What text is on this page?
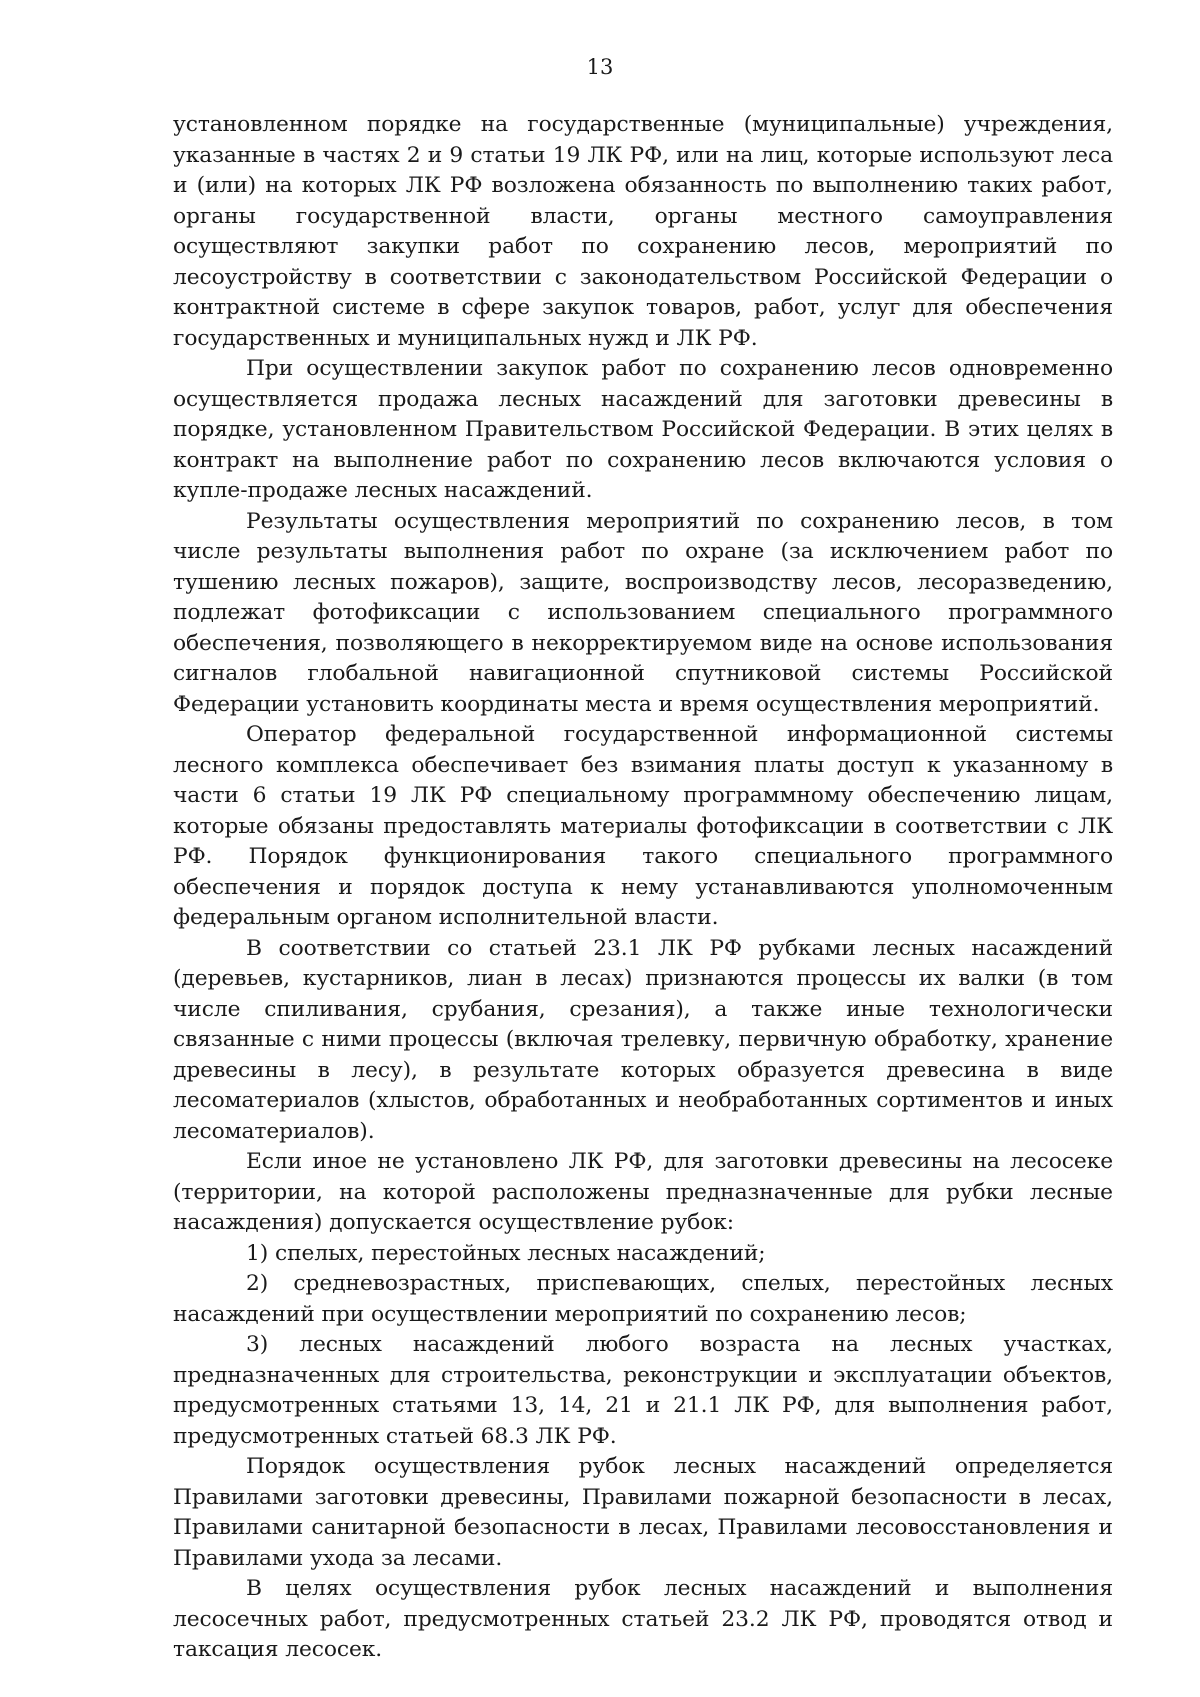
13

установленном порядке на государственные (муниципальные) учреждения, указанные в частях 2 и 9 статьи 19 ЛК РФ, или на лиц, которые используют леса и (или) на которых ЛК РФ возложена обязанность по выполнению таких работ, органы государственной власти, органы местного самоуправления осуществляют закупки работ по сохранению лесов, мероприятий по лесоустройству в соответствии с законодательством Российской Федерации о контрактной системе в сфере закупок товаров, работ, услуг для обеспечения государственных и муниципальных нужд и ЛК РФ.

При осуществлении закупок работ по сохранению лесов одновременно осуществляется продажа лесных насаждений для заготовки древесины в порядке, установленном Правительством Российской Федерации. В этих целях в контракт на выполнение работ по сохранению лесов включаются условия о купле-продаже лесных насаждений.

Результаты осуществления мероприятий по сохранению лесов, в том числе результаты выполнения работ по охране (за исключением работ по тушению лесных пожаров), защите, воспроизводству лесов, лесоразведению, подлежат фотофиксации с использованием специального программного обеспечения, позволяющего в некорректируемом виде на основе использования сигналов глобальной навигационной спутниковой системы Российской Федерации установить координаты места и время осуществления мероприятий.

Оператор федеральной государственной информационной системы лесного комплекса обеспечивает без взимания платы доступ к указанному в части 6 статьи 19 ЛК РФ специальному программному обеспечению лицам, которые обязаны предоставлять материалы фотофиксации в соответствии с ЛК РФ. Порядок функционирования такого специального программного обеспечения и порядок доступа к нему устанавливаются уполномоченным федеральным органом исполнительной власти.

В соответствии со статьей 23.1 ЛК РФ рубками лесных насаждений (деревьев, кустарников, лиан в лесах) признаются процессы их валки (в том числе спиливания, срубания, срезания), а также иные технологически связанные с ними процессы (включая трелевку, первичную обработку, хранение древесины в лесу), в результате которых образуется древесина в виде лесоматериалов (хлыстов, обработанных и необработанных сортиментов и иных лесоматериалов).

Если иное не установлено ЛК РФ, для заготовки древесины на лесосеке (территории, на которой расположены предназначенные для рубки лесные насаждения) допускается осуществление рубок:

1) спелых, перестойных лесных насаждений;

2) средневозрастных, приспевающих, спелых, перестойных лесных насаждений при осуществлении мероприятий по сохранению лесов;

3) лесных насаждений любого возраста на лесных участках, предназначенных для строительства, реконструкции и эксплуатации объектов, предусмотренных статьями 13, 14, 21 и 21.1 ЛК РФ, для выполнения работ, предусмотренных статьей 68.3 ЛК РФ.

Порядок осуществления рубок лесных насаждений определяется Правилами заготовки древесины, Правилами пожарной безопасности в лесах, Правилами санитарной безопасности в лесах, Правилами лесовосстановления и Правилами ухода за лесами.

В целях осуществления рубок лесных насаждений и выполнения лесосечных работ, предусмотренных статьей 23.2 ЛК РФ, проводятся отвод и таксация лесосек.
